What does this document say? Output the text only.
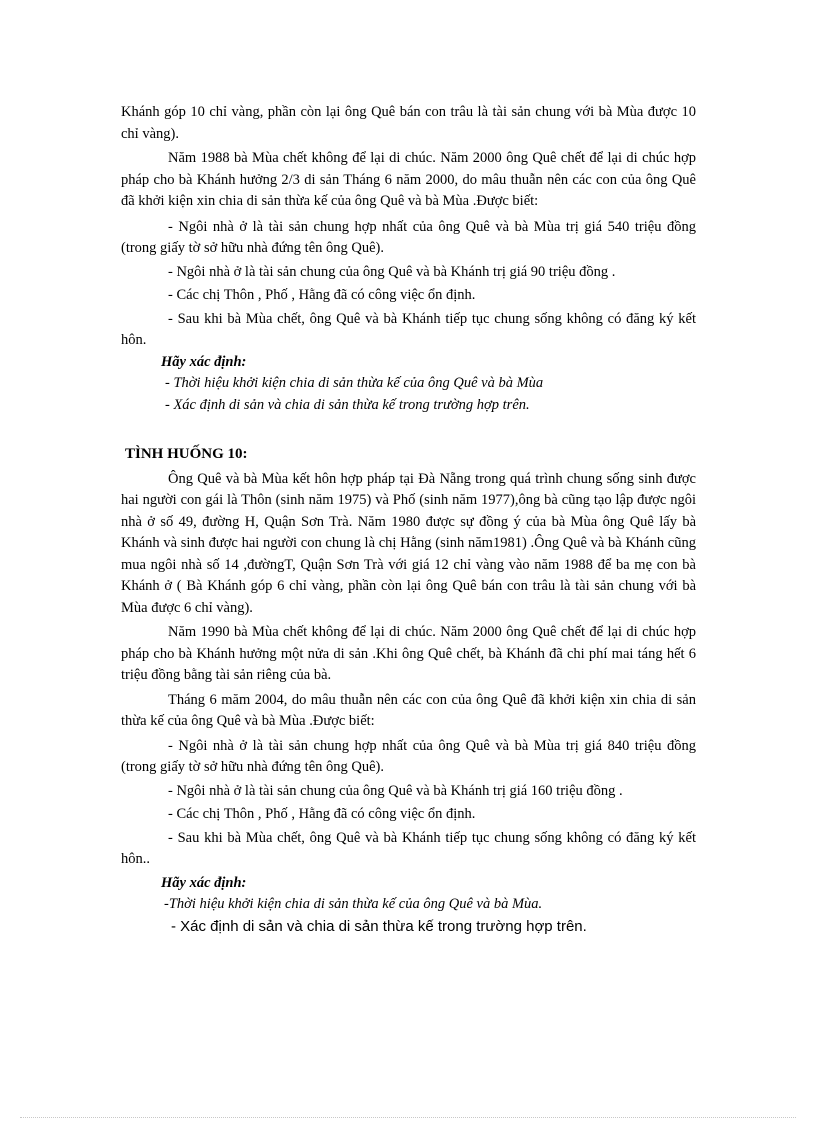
Khánh góp 10 chỉ vàng, phần còn lại ông Quê bán con trâu là tài sản chung với bà Mùa được 10 chỉ vàng).

Năm 1988 bà Mùa chết không để lại di chúc. Năm 2000 ông Quê chết để lại di chúc hợp pháp cho bà Khánh hưởng 2/3 di sản Tháng 6 năm 2000, do mâu thuẫn nên các con của ông Quê đã khởi kiện xin chia di sản thừa kế của ông Quê và bà Mùa .Được biết:

- Ngôi nhà ở là tài sản chung hợp nhất của ông Quê và bà Mùa trị giá 540 triệu đồng (trong giấy tờ sở hữu nhà đứng tên ông Quê).

- Ngôi nhà ở là tài sản chung của ông Quê và bà Khánh trị giá 90 triệu đồng .

- Các chị Thôn , Phố , Hằng đã có công việc ổn định.

- Sau khi bà Mùa chết, ông Quê và bà Khánh tiếp tục chung sống không có đăng ký kết hôn.

Hãy xác định:

- Thời hiệu khởi kiện chia di sản thừa kế của ông Quê và bà Mùa

- Xác định di sản và chia di sản thừa kế trong trường hợp trên.

TÌNH HUỐNG 10:

Ông Quê và bà Mùa kết hôn hợp pháp tại Đà Nẵng trong quá trình chung sống sinh được hai người con gái là Thôn (sinh năm 1975) và Phố (sinh năm 1977),ông bà cũng tạo lập được ngôi nhà ở số 49, đường H, Quận Sơn Trà. Năm 1980 được sự đồng ý của bà Mùa ông Quê lấy bà Khánh và sinh được hai người con chung là chị Hằng (sinh năm1981) .Ông Quê và bà Khánh cũng mua ngôi nhà số 14 ,đườngT, Quận Sơn Trà với giá 12 chỉ vàng vào năm 1988 để ba mẹ con bà Khánh ở ( Bà Khánh góp 6 chỉ vàng, phần còn lại ông Quê bán con trâu là tài sản chung với bà Mùa được 6 chỉ vàng).

Năm 1990 bà Mùa chết không để lại di chúc. Năm 2000 ông Quê chết để lại di chúc hợp pháp cho bà Khánh hưởng một nửa di sản .Khi ông Quê chết, bà Khánh đã chi phí mai táng hết 6 triệu đồng bằng tài sản riêng của bà.

Tháng 6 măm 2004, do mâu thuẫn nên các con của ông Quê đã khởi kiện xin chia di sản thừa kế của ông Quê và bà Mùa .Được biết:

- Ngôi nhà ở là tài sản chung hợp nhất của ông Quê và bà Mùa trị giá 840 triệu đồng (trong giấy tờ sở hữu nhà đứng tên ông Quê).

- Ngôi nhà ở là tài sản chung của ông Quê và bà Khánh trị giá 160 triệu đồng .

- Các chị Thôn , Phố , Hằng đã có công việc ổn định.

- Sau khi bà Mùa chết, ông Quê và bà Khánh tiếp tục chung sống không có đăng ký kết hôn..

Hãy xác định:

-Thời hiệu khởi kiện chia di sản thừa kế của ông Quê và bà Mùa.

- Xác định di sản và chia di sản thừa kế trong trường hợp trên.
